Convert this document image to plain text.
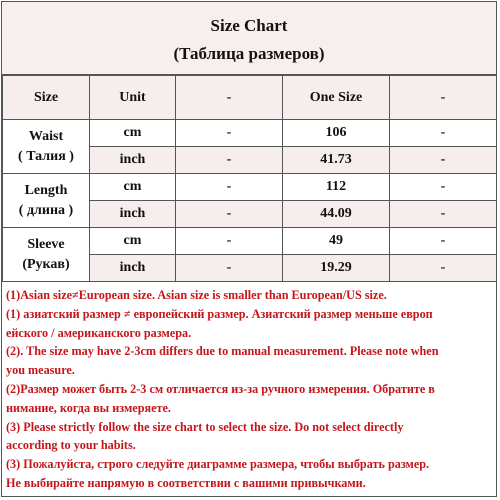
Size Chart
(Таблица размеров)
Size	Unit	-	One Size	-

Waist
( Талия )	cm	-	106	-
	inch	-	41.73	-

Length
( длина )	cm	-	112	-
	inch	-	44.09	-

Sleeve
(Рукав)	cm	-	49	-
	inch	-	19.29	-
(1)Asian size≠European size. Asian size is smaller than European/US size.
(1) азиатский размер ≠ европейский размер. Азиатский размер меньше европ
ейского / американского размера.
(2). The size may have 2-3cm differs due to manual measurement. Please note when
you measure.
(2)Размер может быть 2-3 см отличается из-за ручного измерения. Обратите в
нимание, когда вы измеряете.
(3) Please strictly follow the size chart to select the size. Do not select directly
according to your habits.
(3) Пожалуйста, строго следуйте диаграмме размера, чтобы выбрать размер.
Не выбирайте напрямую в соответствии с вашими привычками.
